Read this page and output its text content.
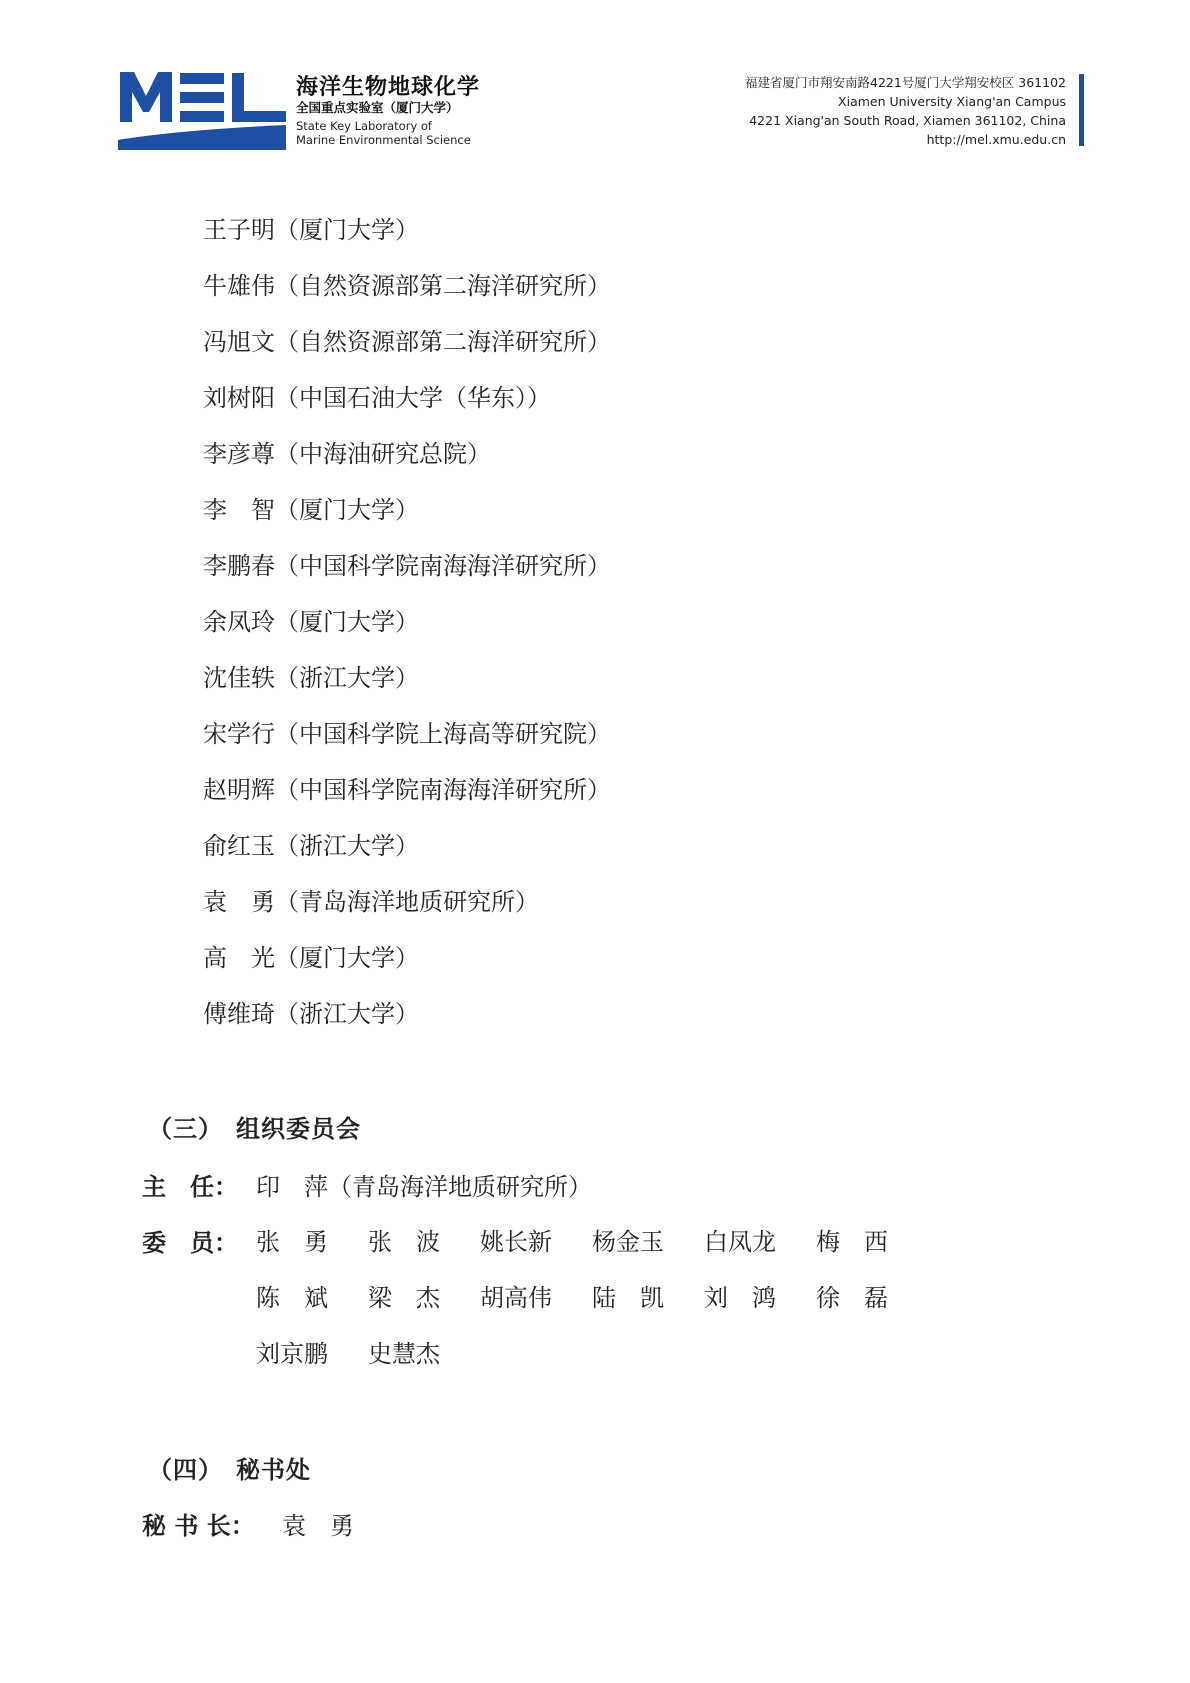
海洋生物地球化学
全国重点实验室（厦门大学）
State Key Laboratory of
Marine Environmental Science
福建省厦门市翔安南路4221号厦门大学翔安校区 361102
Xiamen University Xiang'an Campus
4221 Xiang'an South Road, Xiamen 361102, China
http://mel.xmu.edu.cn
王子明（厦门大学）
牛雄伟（自然资源部第二海洋研究所）
冯旭文（自然资源部第二海洋研究所）
刘树阳（中国石油大学（华东））
李彦尊（中海油研究总院）
李　智（厦门大学）
李鹏春（中国科学院南海海洋研究所）
余凤玲（厦门大学）
沈佳轶（浙江大学）
宋学行（中国科学院上海高等研究院）
赵明辉（中国科学院南海海洋研究所）
俞红玉（浙江大学）
袁　勇（青岛海洋地质研究所）
高　光（厦门大学）
傅维琦（浙江大学）
（三）　组织委员会
主　任： 印　萍（青岛海洋地质研究所）
委　员： 张　勇	张　波	姚长新	杨金玉	白凤龙	梅　西
陈　斌	梁　杰	胡高伟	陆　凯	刘　鸿	徐　磊
刘京鹏	史慧杰
（四）　秘书处
秘 书 长： 袁　勇
